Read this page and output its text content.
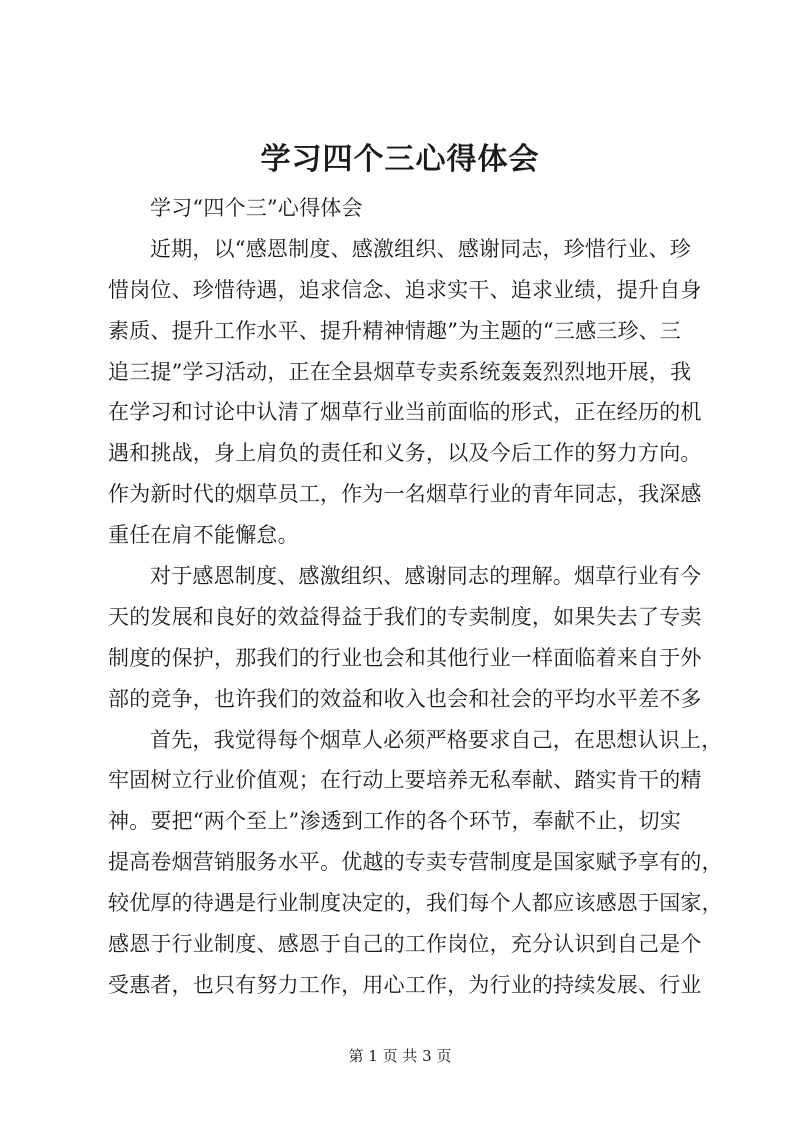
学习四个三心得体会
学习“四个三”心得体会
近期，以“感恩制度、感激组织、感谢同志，珍惜行业、珍
惜岗位、珍惜待遇，追求信念、追求实干、追求业绩，提升自身
素质、提升工作水平、提升精神情趣”为主题的“三感三珍、三
追三提”学习活动，正在全县烟草专卖系统轰轰烈烈地开展，我
在学习和讨论中认清了烟草行业当前面临的形式，正在经历的机
遇和挑战，身上肩负的责任和义务，以及今后工作的努力方向。
作为新时代的烟草员工，作为一名烟草行业的青年同志，我深感
重任在肩不能懈怠。
对于感恩制度、感激组织、感谢同志的理解。烟草行业有今
天的发展和良好的效益得益于我们的专卖制度，如果失去了专卖
制度的保护，那我们的行业也会和其他行业一样面临着来自于外
部的竞争，也许我们的效益和收入也会和社会的平均水平差不多
首先，我觉得每个烟草人必须严格要求自己，在思想认识上，
牢固树立行业价值观；在行动上要培养无私奉献、踏实肯干的精
神。要把“两个至上”渗透到工作的各个环节，奉献不止，切实
提高卷烟营销服务水平。优越的专卖专营制度是国家赋予享有的，
较优厚的待遇是行业制度决定的，我们每个人都应该感恩于国家，
感恩于行业制度、感恩于自己的工作岗位，充分认识到自己是个
受惠者，也只有努力工作，用心工作，为行业的持续发展、行业
第 1 页 共 3 页
